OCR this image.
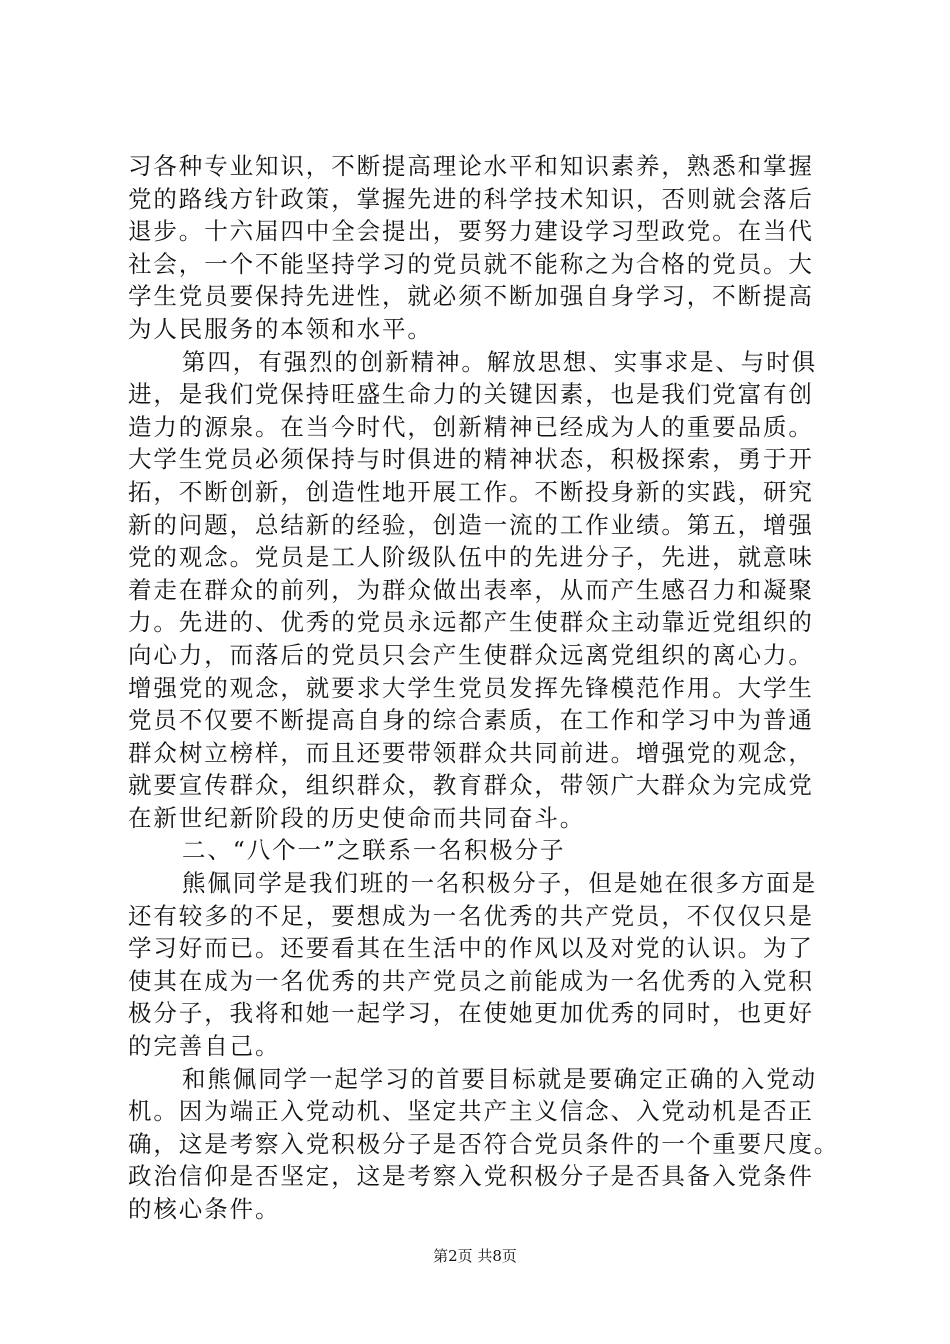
习各种专业知识，不断提高理论水平和知识素养，熟悉和掌握
党的路线方针政策，掌握先进的科学技术知识，否则就会落后
退步。十六届四中全会提出，要努力建设学习型政党。在当代
社会，一个不能坚持学习的党员就不能称之为合格的党员。大
学生党员要保持先进性，就必须不断加强自身学习，不断提高
为人民服务的本领和水平。
第四，有强烈的创新精神。解放思想、实事求是、与时俱
进，是我们党保持旺盛生命力的关键因素，也是我们党富有创
造力的源泉。在当今时代，创新精神已经成为人的重要品质。
大学生党员必须保持与时俱进的精神状态，积极探索，勇于开
拓，不断创新，创造性地开展工作。不断投身新的实践，研究
新的问题，总结新的经验，创造一流的工作业绩。第五，增强
党的观念。党员是工人阶级队伍中的先进分子，先进，就意味
着走在群众的前列，为群众做出表率，从而产生感召力和凝聚
力。先进的、优秀的党员永远都产生使群众主动靠近党组织的
向心力，而落后的党员只会产生使群众远离党组织的离心力。
增强党的观念，就要求大学生党员发挥先锋模范作用。大学生
党员不仅要不断提高自身的综合素质，在工作和学习中为普通
群众树立榜样，而且还要带领群众共同前进。增强党的观念，
就要宣传群众，组织群众，教育群众，带领广大群众为完成党
在新世纪新阶段的历史使命而共同奋斗。
二、“八个一”之联系一名积极分子
熊佩同学是我们班的一名积极分子，但是她在很多方面是
还有较多的不足，要想成为一名优秀的共产党员，不仅仅只是
学习好而已。还要看其在生活中的作风以及对党的认识。为了
使其在成为一名优秀的共产党员之前能成为一名优秀的入党积
极分子，我将和她一起学习，在使她更加优秀的同时，也更好
的完善自己。
和熊佩同学一起学习的首要目标就是要确定正确的入党动
机。因为端正入党动机、坚定共产主义信念、入党动机是否正
确，这是考察入党积极分子是否符合党员条件的一个重要尺度。
政治信仰是否坚定，这是考察入党积极分子是否具备入党条件
的核心条件。
第2页 共8页
